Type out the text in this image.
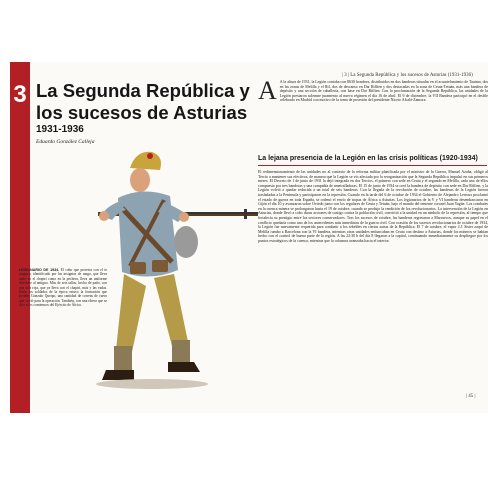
3 La Segunda República y los sucesos de Asturias
1931-1936
Eduardo González Calleja
| 3 | La Segunda República y los sucesos de Asturias (1931-1936)
LEGIONARIO DE 1934. El cabo que protesta con el te aragozir, identificado por las insignias de rango, que lleva tanto en el chapiri como en la pechera, lleva un uniforme diferente al antiguo. Más de seis tallas, hecho de paño, con una orla roja, que ya lleva con el chapiri, más y las vadas. Entre los soldados de la época estuvo la formación que portaba Gonzalo Queipo, una cantidad de correas de cuero que sirvió para la operación. También, con una ribera que se dice a los comienzos del Ejército de África.
A A la altura de 1931, la Legión contaba con 8630 hombres, distribuidos en dos banderas situadas en el acuartelamiento de Tauima, dos en las zonas de Melilla y el Rif, dos de descanso en Dar Riffien y dos destacadas en la zona de Ceuta-Tetuán, más una bandera de depósito y una sección de caballería, con base en Dar Riffien. Con la proclamación de la Segunda República, las unidades de la Legión prestaron solemne juramento al nuevo régimen el día 16 de abril. El 9 de diciembre, la VII Bandera participó en el desfile celebrado en Madrid con motivo de la toma de posesión del presidente Niceto Alcalá-Zamora.
La lejana presencia de la Legión en las crisis políticas (1920-1934)
El redimensionamiento de las unidades no al contexto de la reforma militar planificada por el ministro de la Guerra, Manuel Azaña, obligó al Tercio a mantener sus efectivos, de manera que la Legión se vio afectada por la reorganización que la Segunda República impulsó en sus primeros meses. El Decreto de 1 de junio de 1931 la dejó integrada en dos Tercios, el primero con sede en Ceuta y el segundo en Melilla, cada uno de ellos compuesto por tres banderas y una compañía de ametralladoras. El 15 de junio de 1934 se creó la bandera de depósito con sede en Dar Riffien, y la Legión volvió a quedar reducida a un total de seis banderas. Con la llegada de la revolución de octubre, las banderas de la Legión fueron trasladadas a la Península y participaron en la represión. Cuando en la tarde del 6 de octubre de 1934 el Gobierno de Alejandro Lerroux proclamó el estado de guerra en toda España, se ordenó el envío de tropas de África a Asturias. Los legionarios de la V y VI banderas desembarcaron en Gijón el día 10 y avanzaron sobre Oviedo junto con los regulares de Ceuta y Tetuán, bajo el mando del teniente coronel Juan Yagüe. Los combates en la cuenca minera se prolongaron hasta el 19 de octubre, cuando se produjo la rendición de los revolucionarios. La intervención de la Legión en Asturias, donde llevó a cabo duras acciones de castigo contra la población civil, convirtió a la unidad en un símbolo de la represión, al tiempo que fortalecía su prestigio entre los sectores conservadores. Tras los sucesos de octubre, las banderas regresaron a Marruecos, aunque su papel en el conflicto quedaría como uno de los antecedentes más inmediatos de la guerra civil. Con ocasión de los sucesos revolucionarios de octubre de 1934, la Legión fue nuevamente requerida para combatir a los rebeldes en ciertas zonas de la República. El 7 de octubre, el vapor J.J. Sister zarpó de Melilla rumbo a Barcelona con la VI bandera, mientras otras unidades embarcaban en Ceuta con destino a Asturias, donde los mineros se habían hecho con el control de buena parte de la región. A las 22:30 h del día 8 llegaron a la capital, continuando inmediatamente su despliegue por los puntos estratégicos de la cuenca, mientras que la columna avanzaba hacia el interior.
| 45 |
